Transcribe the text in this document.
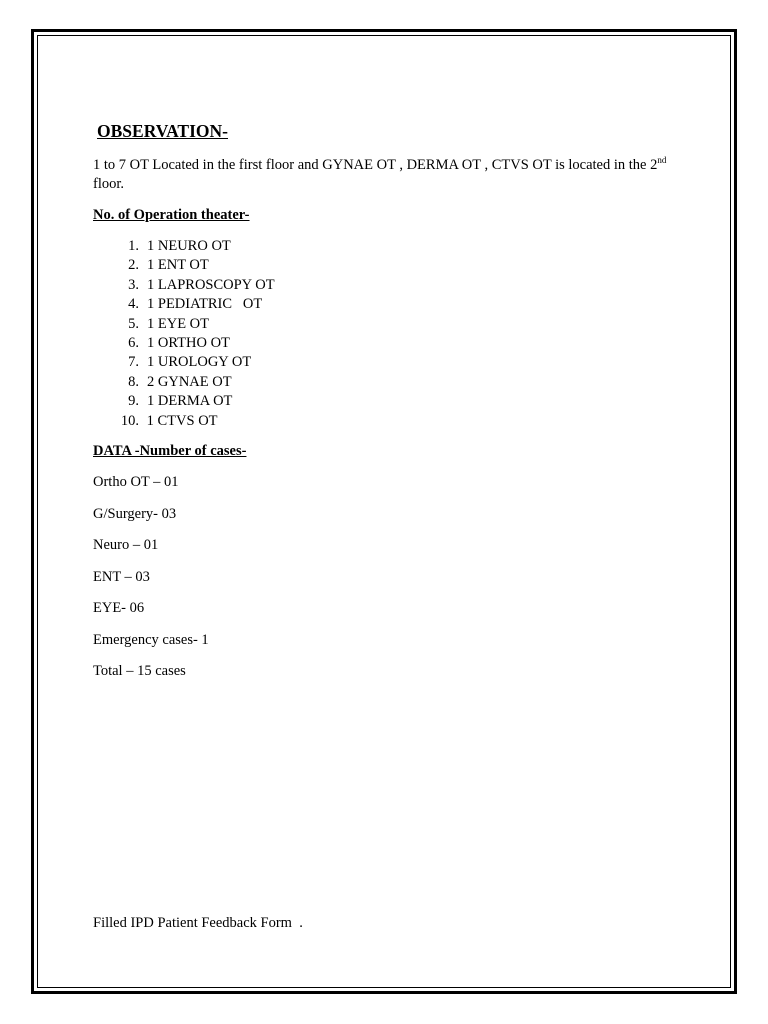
OBSERVATION-
1 to 7 OT Located in the first floor and GYNAE OT , DERMA OT , CTVS OT is located in the 2nd floor.
No. of Operation theater-
1. 1 NEURO OT
2. 1 ENT OT
3. 1 LAPROSCOPY OT
4. 1 PEDIATRIC   OT
5. 1 EYE OT
6. 1 ORTHO OT
7. 1 UROLOGY OT
8. 2 GYNAE OT
9. 1 DERMA OT
10. 1 CTVS OT
DATA -Number of cases-
Ortho OT – 01
G/Surgery- 03
Neuro – 01
ENT – 03
EYE- 06
Emergency cases- 1
Total – 15 cases
Filled IPD Patient Feedback Form  .
